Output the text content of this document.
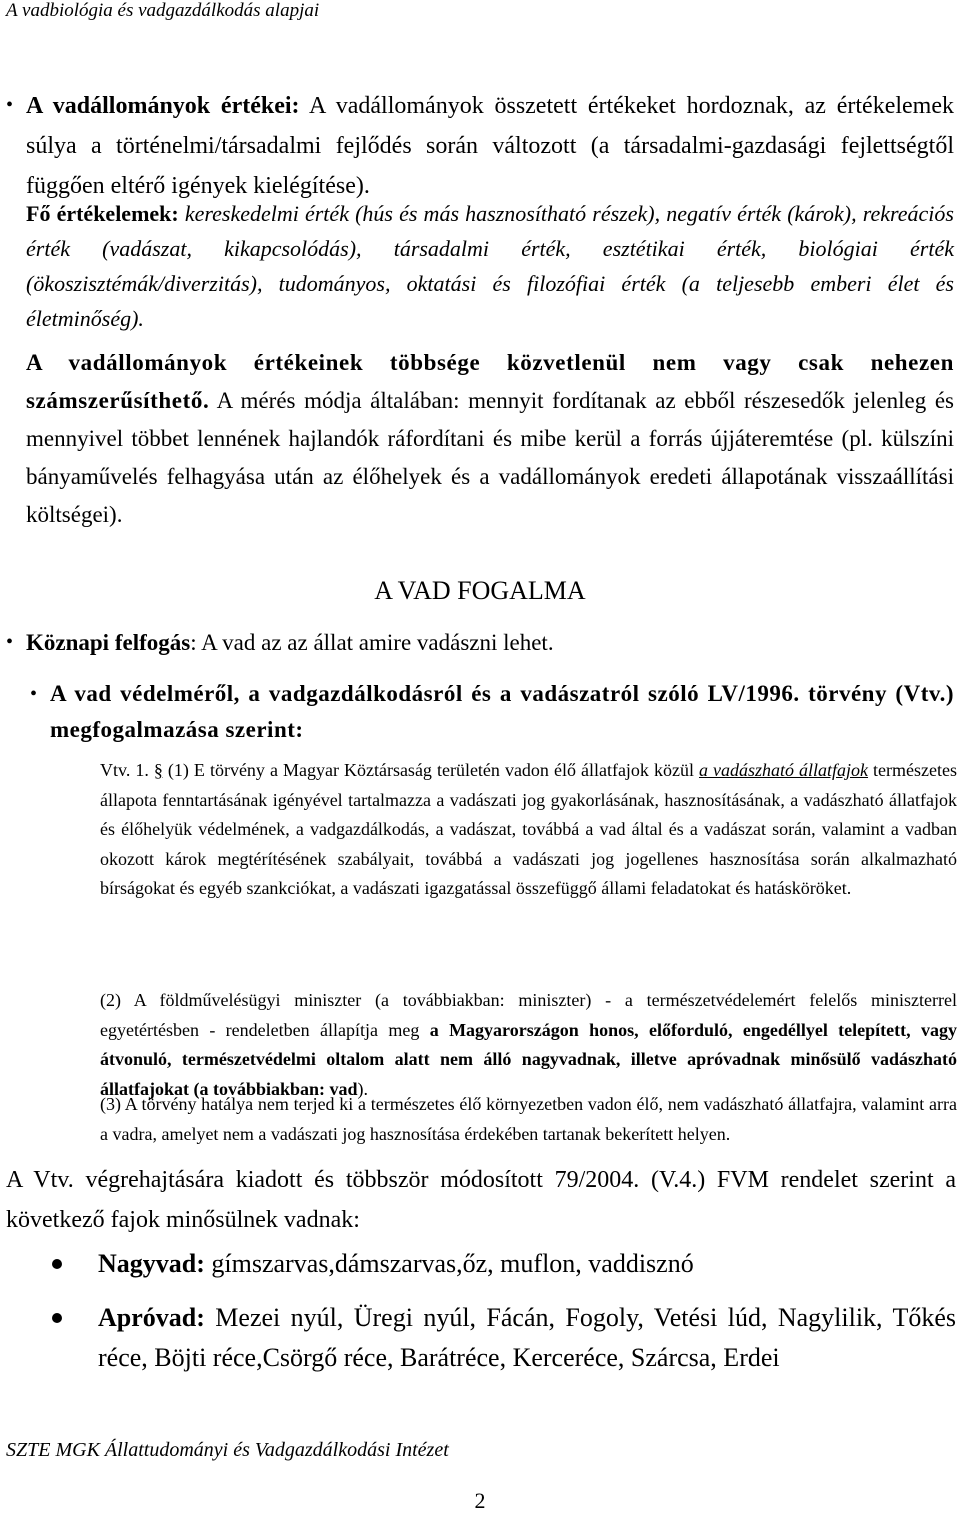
A vadbiológia és vadgazdálkodás alapjai
• A vadállományok értékei: A vadállományok összetett értékeket hordoznak, az értékelemek súlya a történelmi/társadalmi fejlődés során változott (a társadalmi-gazdasági fejlettségtől függően eltérő igények kielégítése).
Fő értékelemek: kereskedelmi érték (hús és más hasznosítható részek), negatív érték (károk), rekreációs érték (vadászat, kikapcsolódás), társadalmi érték, esztétikai érték, biológiai érték (ökoszisztémák/diverzitás), tudományos, oktatási és filozófiai érték (a teljesebb emberi élet és életminőség).
A vadállományok értékeinek többsége közvetlenül nem vagy csak nehezen számszerűsíthető. A mérés módja általában: mennyit fordítanak az ebből részesedők jelenleg és mennyivel többet lennének hajlandók ráfordítani és mibe kerül a forrás újjáteremtése (pl. külszíni bányaművelés felhagyása után az élőhelyek és a vadállományok eredeti állapotának visszaállítási költségei).
A VAD FOGALMA
• Köznapi felfogás: A vad az az állat amire vadászni lehet.
• A vad védelméről, a vadgazdálkodásról és a vadászatról szóló LV/1996. törvény (Vtv.) megfogalmazása szerint:
Vtv. 1. § (1) E törvény a Magyar Köztársaság területén vadon élő állatfajok közül a vadászható állatfajok természetes állapota fenntartásának igényével tartalmazza a vadászati jog gyakorlásának, hasznosításának, a vadászható állatfajok és élőhelyük védelmének, a vadgazdálkodás, a vadászat, továbbá a vad által és a vadászat során, valamint a vadban okozott károk megtérítésének szabályait, továbbá a vadászati jog jogellenes hasznosítása során alkalmazható bírságokat és egyéb szankciókat, a vadászati igazgatással összefüggő állami feladatokat és hatásköröket.
(2) A földművelésügyi miniszter (a továbbiakban: miniszter) - a természetvédelemért felelős miniszterrel egyetértésben - rendeletben állapítja meg a Magyarországon honos, előforduló, engedéllyel telepített, vagy átvonuló, természetvédelmi oltalom alatt nem álló nagyvadnak, illetve apróvadnak minősülő vadászható állatfajokat (a továbbiakban: vad).
(3) A törvény hatálya nem terjed ki a természetes élő környezetben vadon élő, nem vadászható állatfajra, valamint arra a vadra, amelyet nem a vadászati jog hasznosítása érdekében tartanak bekerített helyen.
A Vtv. végrehajtására kiadott és többször módosított 79/2004. (V.4.) FVM rendelet szerint a következő fajok minősülnek vadnak:
Nagyvad: gímszarvas,dámszarvas,őz, muflon, vaddisznó
Apróvad: Mezei nyúl, Üregi nyúl, Fácán, Fogoly, Vetési lúd, Nagylilik, Tőkés réce, Böjti réce,Csörgő réce, Barátréce, Kercerécе, Szárcsa, Erdei
SZTE MGK Állattudományi és Vadgazdálkodási Intézet
2
